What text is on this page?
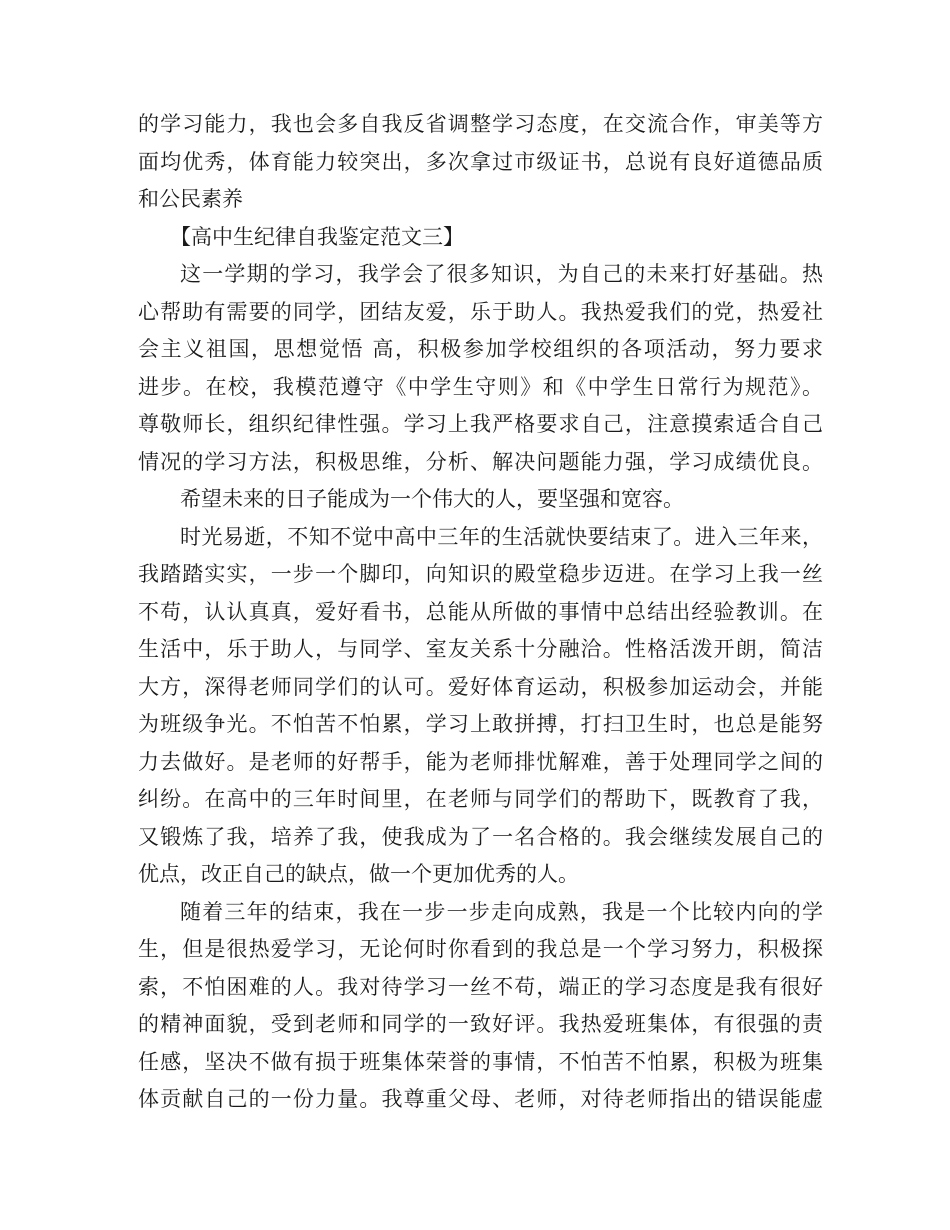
的学习能力，我也会多自我反省调整学习态度，在交流合作，审美等方
面均优秀，体育能力较突出，多次拿过市级证书，总说有良好道德品质
和公民素养
【高中生纪律自我鉴定范文三】
这一学期的学习，我学会了很多知识，为自己的未来打好基础。热
心帮助有需要的同学，团结友爱，乐于助人。我热爱我们的党，热爱社
会主义祖国，思想觉悟 高，积极参加学校组织的各项活动，努力要求
进步。在校，我模范遵守《中学生守则》和《中学生日常行为规范》。
尊敬师长，组织纪律性强。学习上我严格要求自己，注意摸索适合自己
情况的学习方法，积极思维，分析、解决问题能力强，学习成绩优良。
希望未来的日子能成为一个伟大的人，要坚强和宽容。
时光易逝，不知不觉中高中三年的生活就快要结束了。进入三年来，
我踏踏实实，一步一个脚印，向知识的殿堂稳步迈进。在学习上我一丝
不苟，认认真真，爱好看书，总能从所做的事情中总结出经验教训。在
生活中，乐于助人，与同学、室友关系十分融洽。性格活泼开朗，简洁
大方，深得老师同学们的认可。爱好体育运动，积极参加运动会，并能
为班级争光。不怕苦不怕累，学习上敢拼搏，打扫卫生时，也总是能努
力去做好。是老师的好帮手，能为老师排忧解难，善于处理同学之间的
纠纷。在高中的三年时间里，在老师与同学们的帮助下，既教育了我，
又锻炼了我，培养了我，使我成为了一名合格的。我会继续发展自己的
优点，改正自己的缺点，做一个更加优秀的人。
随着三年的结束，我在一步一步走向成熟，我是一个比较内向的学
生，但是很热爱学习，无论何时你看到的我总是一个学习努力，积极探
索，不怕困难的人。我对待学习一丝不苟，端正的学习态度是我有很好
的精神面貌，受到老师和同学的一致好评。我热爱班集体，有很强的责
任感，坚决不做有损于班集体荣誉的事情，不怕苦不怕累，积极为班集
体贡献自己的一份力量。我尊重父母、老师，对待老师指出的错误能虚
